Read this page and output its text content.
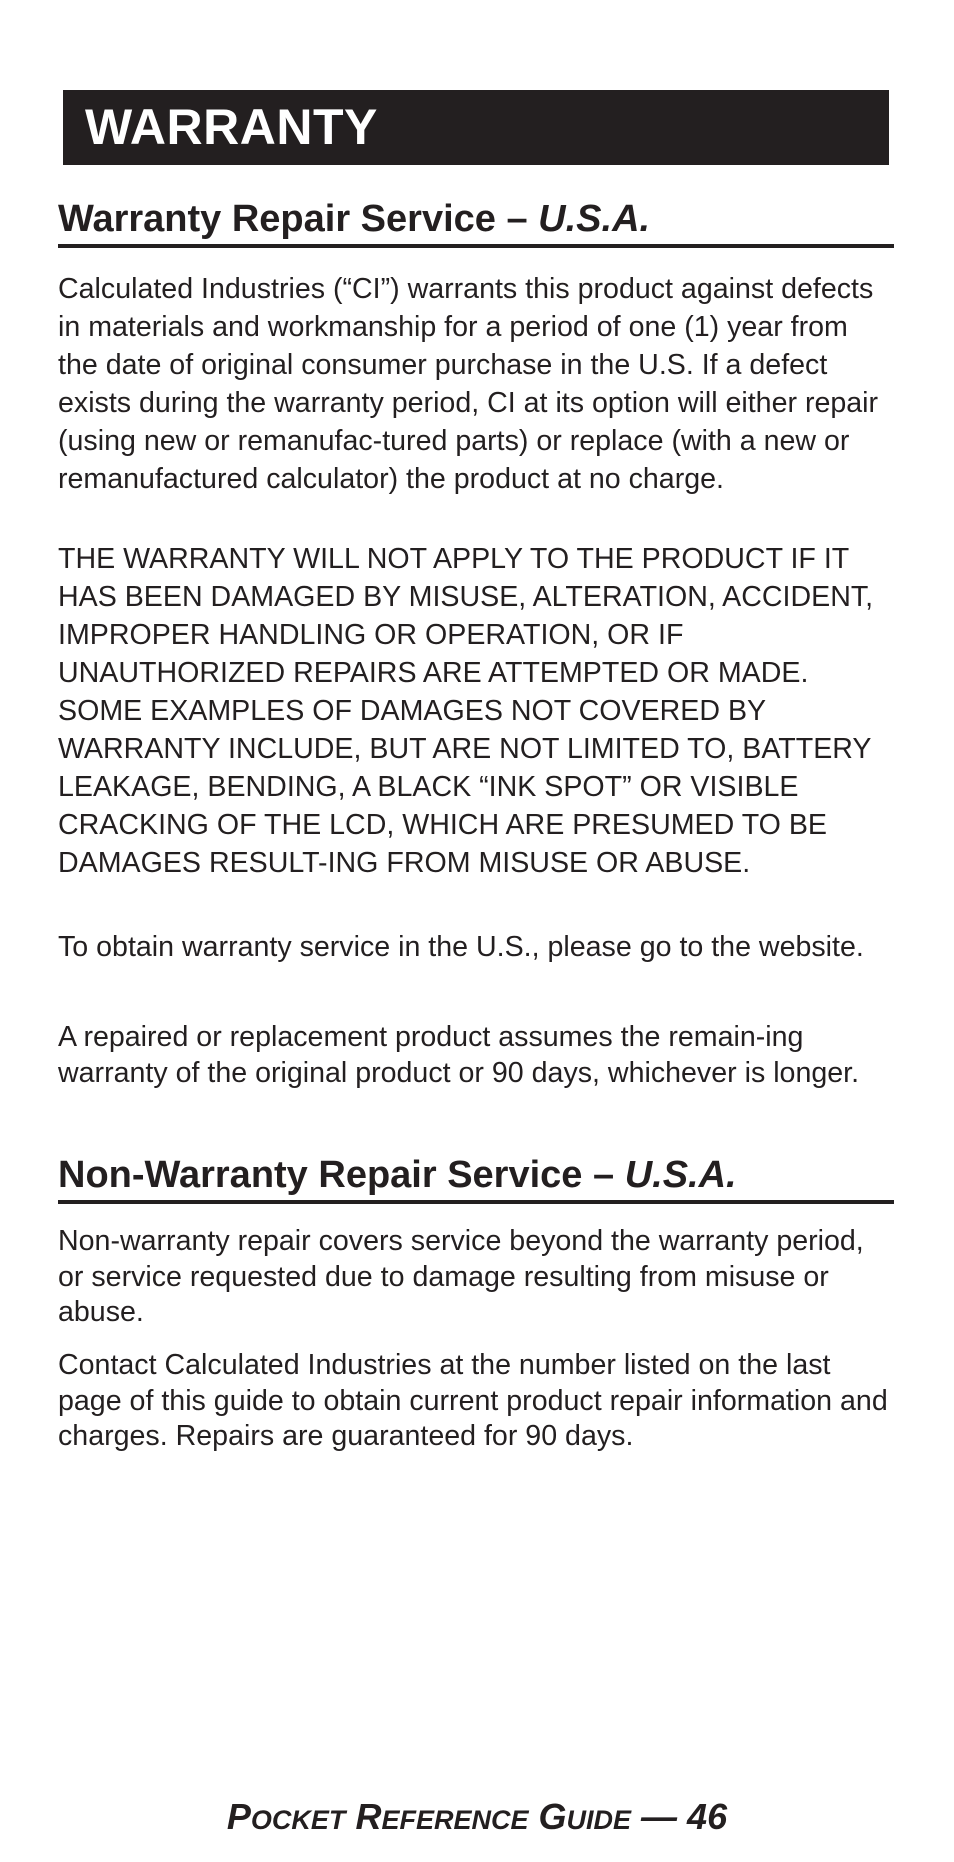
WARRANTY
Warranty Repair Service – U.S.A.

Calculated Industries (“CI”) warrants this product against defects in materials and workmanship for a period of one (1) year from the date of original consumer purchase in the U.S. If a defect exists during the warranty period, CI at its option will either repair (using new or remanufac-tured parts) or replace (with a new or remanufactured calculator) the product at no charge.

THE WARRANTY WILL NOT APPLY TO THE PRODUCT IF IT HAS BEEN DAMAGED BY MISUSE, ALTERATION, ACCIDENT, IMPROPER HANDLING OR OPERATION, OR IF UNAUTHORIZED REPAIRS ARE ATTEMPTED OR MADE. SOME EXAMPLES OF DAMAGES NOT COVERED BY WARRANTY INCLUDE, BUT ARE NOT LIMITED TO, BATTERY LEAKAGE, BENDING, A BLACK “INK SPOT” OR VISIBLE CRACKING OF THE LCD, WHICH ARE PRESUMED TO BE DAMAGES RESULT-ING FROM MISUSE OR ABUSE.

To obtain warranty service in the U.S., please go to the website.

A repaired or replacement product assumes the remain-ing warranty of the original product or 90 days, whichever is longer.

Non-Warranty Repair Service – U.S.A.

Non-warranty repair covers service beyond the warranty period, or service requested due to damage resulting from misuse or abuse.

Contact Calculated Industries at the number listed on the last page of this guide to obtain current product repair information and charges. Repairs are guaranteed for 90 days.

POCKET REFERENCE GUIDE — 46
